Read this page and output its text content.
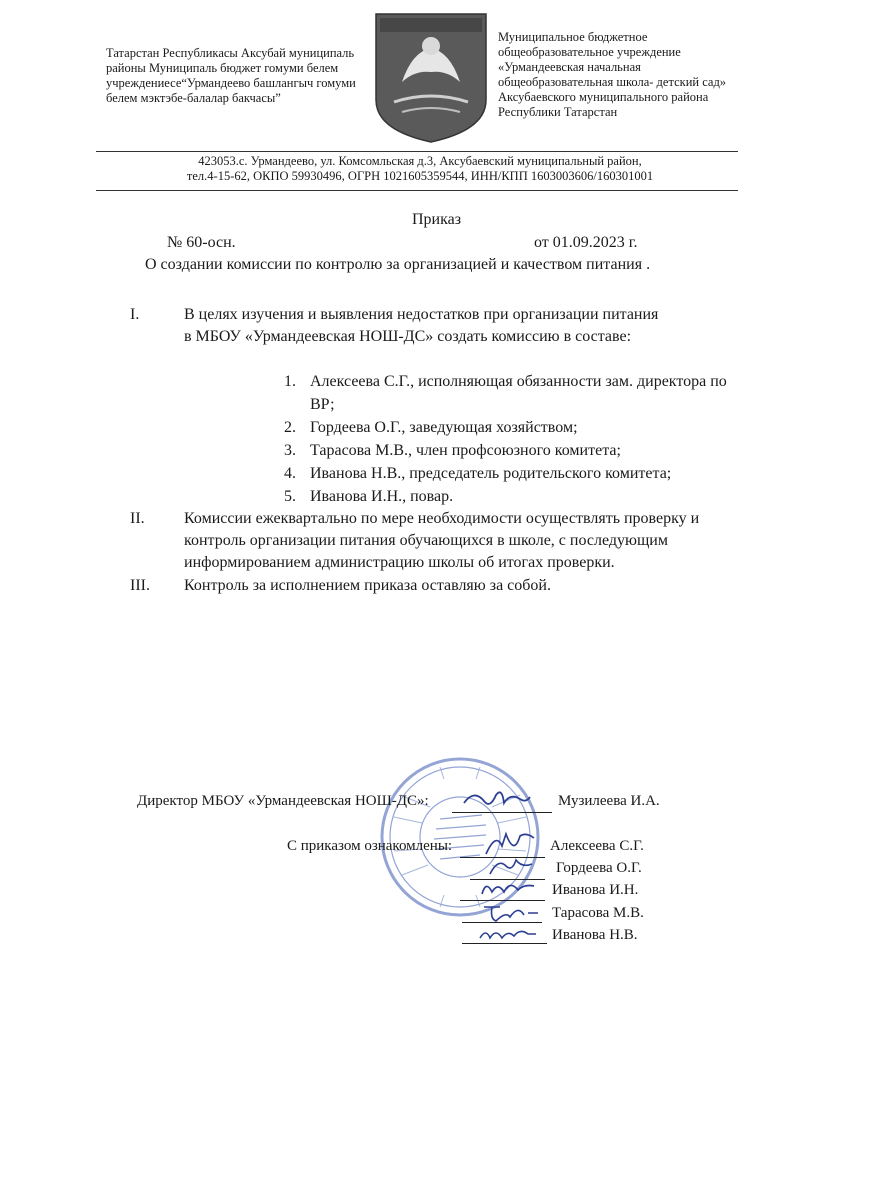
Татарстан Республикасы Аксубай муниципаль районы Муниципаль бюджет гомуми белем учреждениесе“Урмандеево башлангыч гомуми белем мэктэбе-балалар бакчасы”
Муниципальное бюджетное общеобразовательное учреждение «Урмандеевская начальная общеобразовательная школа- детский сад» Аксубаевского муниципального района Республики Татарстан
423053.с. Урмандеево, ул. Комсомльская д.3, Аксубаевский муниципальный район,
тел.4-15-62, ОКПО 59930496, ОГРН 1021605359544, ИНН/КПП 1603003606/160301001
Приказ
№ 60-осн.	от 01.09.2023 г.
О создании комиссии по контролю за организацией и качеством питания .
I.	В целях изучения и выявления недостатков при организации питания
в МБОУ «Урмандеевская НОШ-ДС» создать комиссию в составе:
1. Алексеева С.Г., исполняющая обязанности зам. директора по
ВР;
2. Гордеева О.Г., заведующая хозяйством;
3. Тарасова М.В., член профсоюзного комитета;
4. Иванова Н.В., председатель родительского комитета;
5. Иванова И.Н., повар.
II. Комиссии ежеквартально по мере необходимости осуществлять проверку и
контроль организации питания обучающихся в школе, с последующим
информированием администрацию школы об итогах проверки.
III. Контроль за исполнением приказа оставляю за собой.
Директор МБОУ «Урмандеевская НОШ-ДС»:	Музилеева И.А.
С приказом ознакомлены:	Алексеева С.Г.
Гордеева О.Г.
Иванова И.Н.
Тарасова М.В.
Иванова Н.В.
